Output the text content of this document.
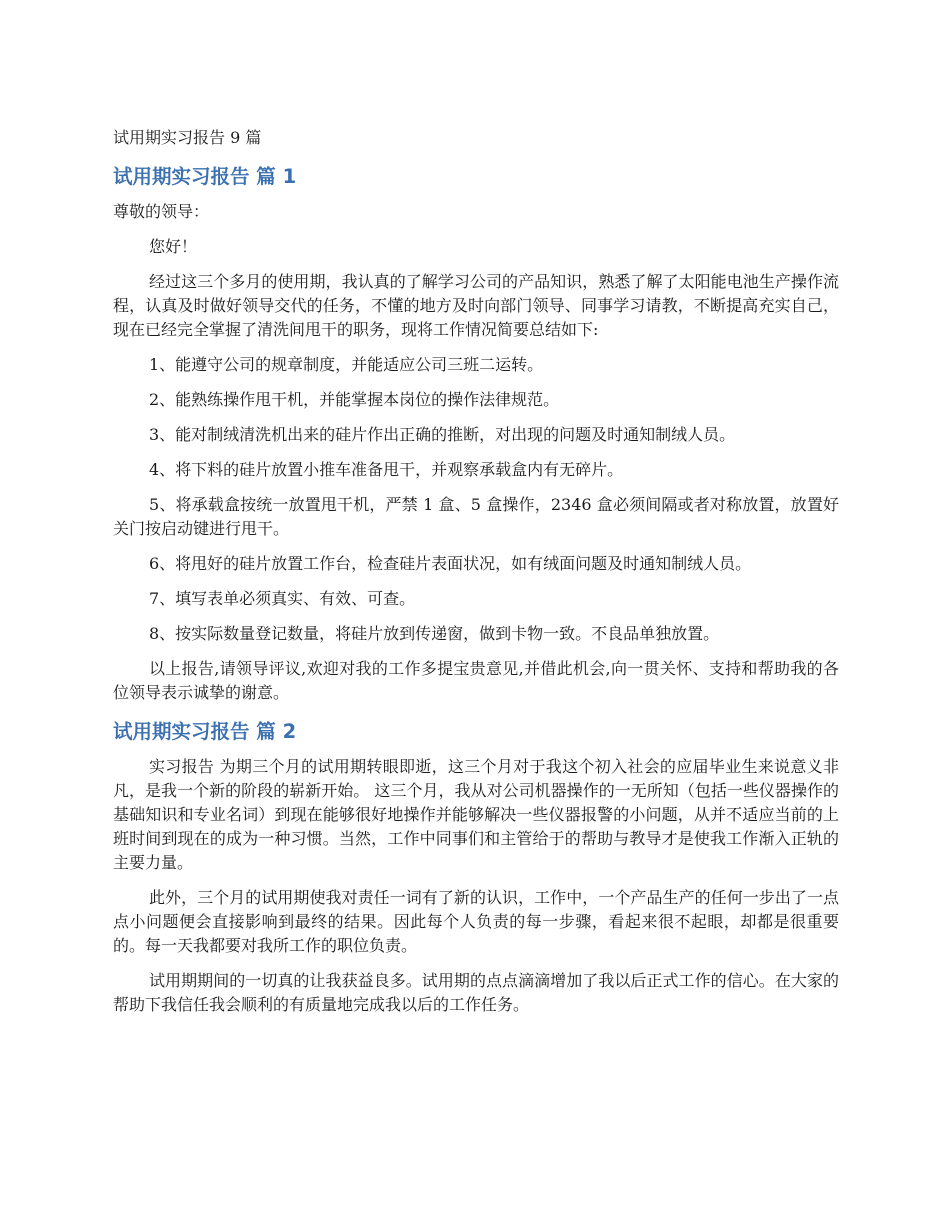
试用期实习报告 9 篇
试用期实习报告 篇 1

尊敬的领导：

您好！

经过这三个多月的使用期，我认真的了解学习公司的产品知识，熟悉了解了太阳能电池生产操作流程，认真及时做好领导交代的任务，不懂的地方及时向部门领导、同事学习请教，不断提高充实自己，现在已经完全掌握了清洗间甩干的职务，现将工作情况简要总结如下:

1、能遵守公司的规章制度，并能适应公司三班二运转。

2、能熟练操作甩干机，并能掌握本岗位的操作法律规范。

3、能对制绒清洗机出来的硅片作出正确的推断，对出现的问题及时通知制绒人员。

4、将下料的硅片放置小推车准备甩干，并观察承载盒内有无碎片。

5、将承载盒按统一放置甩干机，严禁 1 盒、5 盒操作，2346 盒必须间隔或者对称放置，放置好关门按启动键进行甩干。

6、将甩好的硅片放置工作台，检查硅片表面状况，如有绒面问题及时通知制绒人员。

7、填写表单必须真实、有效、可查。

8、按实际数量登记数量，将硅片放到传递窗，做到卡物一致。不良品单独放置。

以上报告,请领导评议,欢迎对我的工作多提宝贵意见,并借此机会,向一贯关怀、支持和帮助我的各位领导表示诚挚的谢意。

试用期实习报告 篇 2

实习报告 为期三个月的试用期转眼即逝，这三个月对于我这个初入社会的应届毕业生来说意义非凡，是我一个新的阶段的崭新开始。 这三个月，我从对公司机器操作的一无所知（包括一些仪器操作的基础知识和专业名词）到现在能够很好地操作并能够解决一些仪器报警的小问题，从并不适应当前的上班时间到现在的成为一种习惯。当然，工作中同事们和主管给于的帮助与教导才是使我工作渐入正轨的主要力量。

此外，三个月的试用期使我对责任一词有了新的认识，工作中，一个产品生产的任何一步出了一点点小问题便会直接影响到最终的结果。因此每个人负责的每一步骤，看起来很不起眼，却都是很重要的。每一天我都要对我所工作的职位负责。

试用期期间的一切真的让我获益良多。试用期的点点滴滴增加了我以后正式工作的信心。在大家的帮助下我信任我会顺利的有质量地完成我以后的工作任务。
